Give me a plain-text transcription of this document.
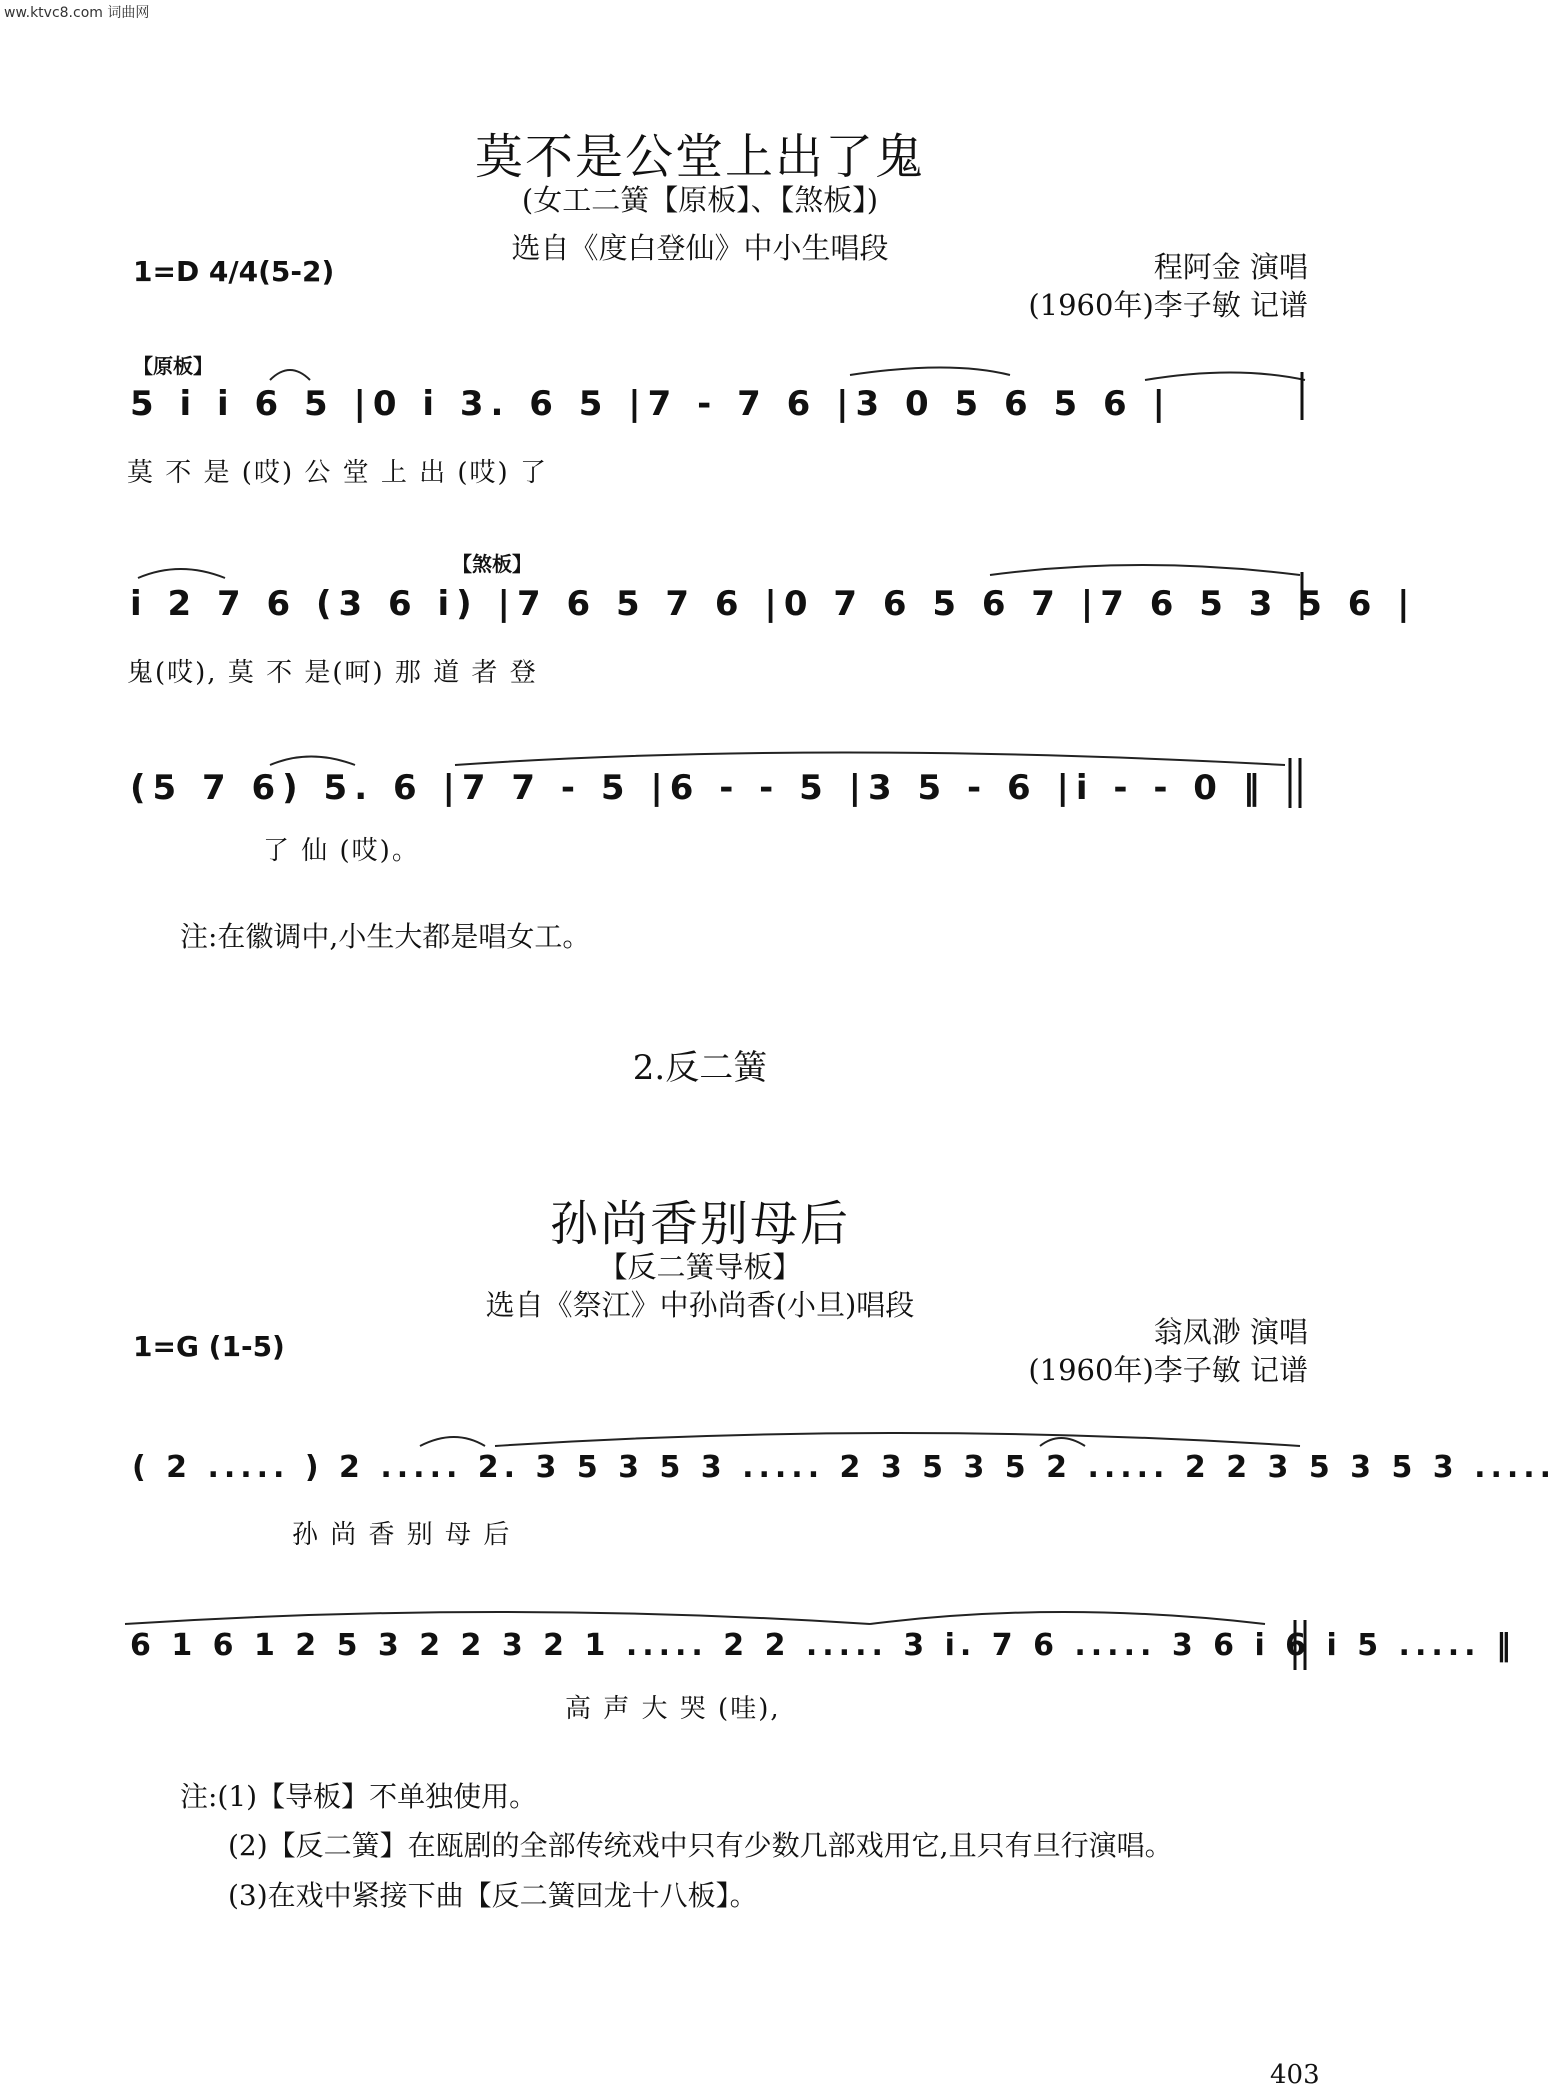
ww.ktvc8.com 词曲网
莫不是公堂上出了鬼
(女工二簧【原板】、【煞板】)
选自《度白登仙》中小生唱段
1=D 4/4(5-2)	程阿金 演唱
(1960年)李子敏 记谱
【原板】
5 i i 6 5 |0 i 3. 6 5 |7 - 7 6 |3 0 5 6 5 6 |
莫 不 是 (哎) 公 堂 上 出 (哎) 了
【煞板】
i 2 7 6 (3 6 i) |7 6 5 7 6 |0 7 6 5 6 7 |7 6 5 3 5 6 |
鬼(哎), 莫 不 是(呵) 那 道 者 登
(5 7 6) 5. 6 |7 7 - 5 |6 - - 5 |3 5 - 6 |i - - 0 ‖
了 仙 (哎)。
注:在徽调中,小生大都是唱女工。
2.反二簧
孙尚香别母后
【反二簧导板】
选自《祭江》中孙尚香(小旦)唱段
1=G (1-5)	翁凤渺 演唱
(1960年)李子敏 记谱
( 2 ..... ) 2 ..... 2. 3 5 3 5 3 ..... 2 3 5 3 5 2 ..... 2 2 3 5 3 5 3 .....
孙 尚 香 别 母 后
6 1 6 1 2 5 3 2 2 3 2 1 ..... 2 2 ..... 3 i. 7 6 ..... 3 6 i 6 i 5 ..... ‖
高 声 大 哭 (哇),
注:(1)【导板】不单独使用。
(2)【反二簧】在瓯剧的全部传统戏中只有少数几部戏用它,且只有旦行演唱。
(3)在戏中紧接下曲【反二簧回龙十八板】。
403
